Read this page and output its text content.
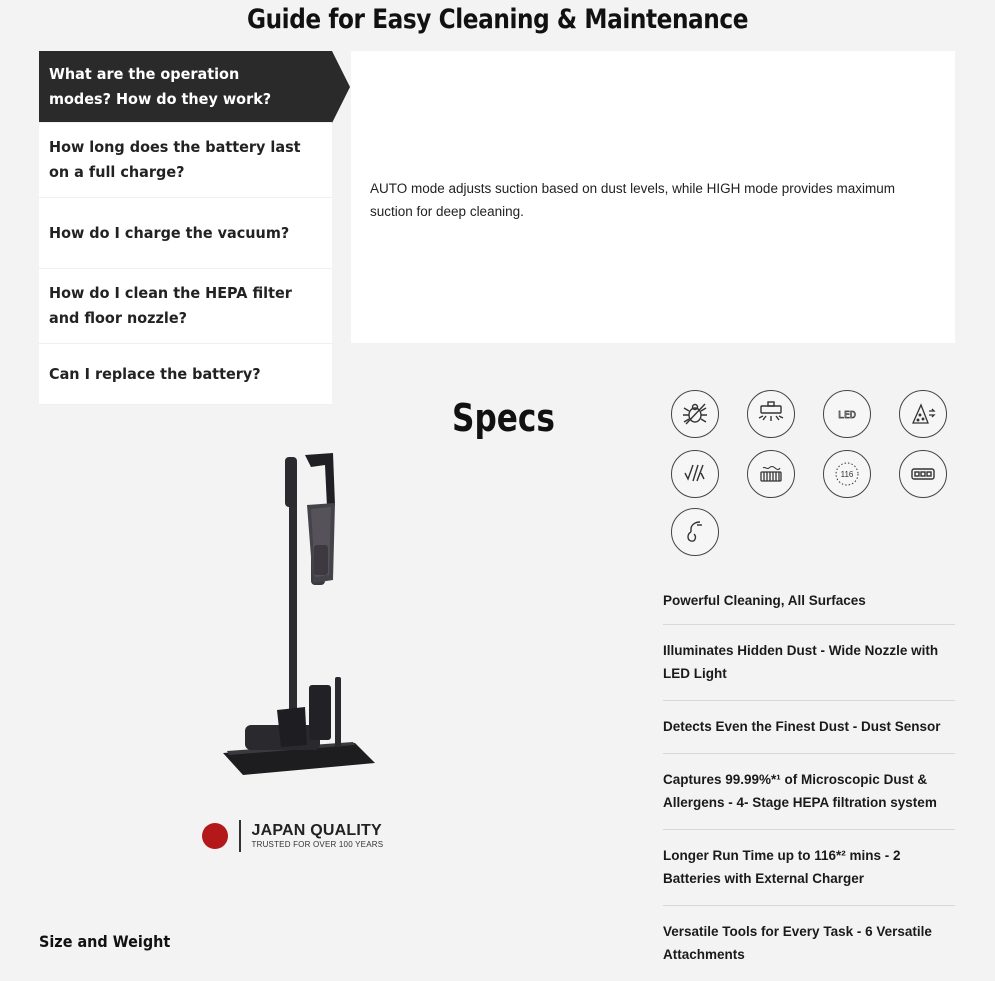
Guide for Easy Cleaning & Maintenance
What are the operation modes? How do they work?
How long does the battery last on a full charge?
How do I charge the vacuum?
How do I clean the HEPA filter and floor nozzle?
Can I replace the battery?
AUTO mode adjusts suction based on dust levels, while HIGH mode provides maximum suction for deep cleaning.
Specs	LED
116
Powerful Cleaning, All Surfaces
Illuminates Hidden Dust - Wide Nozzle with LED Light
Detects Even the Finest Dust - Dust Sensor
Captures 99.99%*¹ of Microscopic Dust & Allergens - 4- Stage HEPA filtration system
Longer Run Time up to 116*² mins - 2 Batteries with External Charger
Versatile Tools for Every Task - 6 Versatile Attachments
JAPAN QUALITY
TRUSTED FOR OVER 100 YEARS
Size and Weight
